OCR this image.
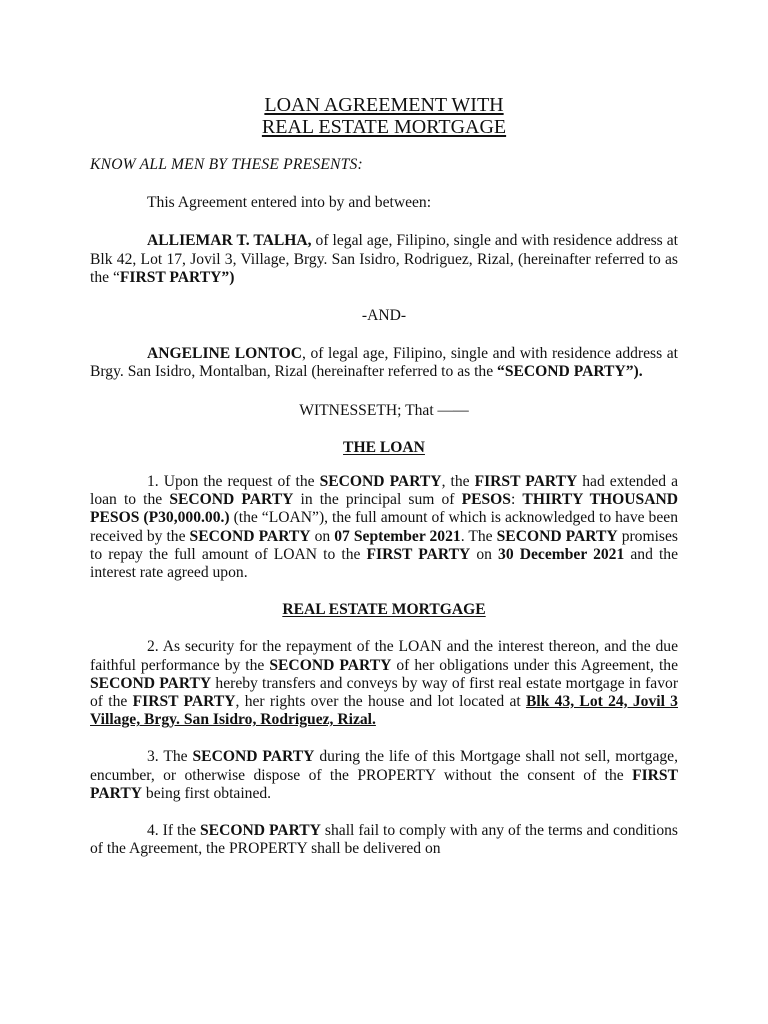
LOAN AGREEMENT WITH
REAL ESTATE MORTGAGE

KNOW ALL MEN BY THESE PRESENTS:
This Agreement entered into by and between:
ALLIEMAR T. TALHA, of legal age, Filipino, single and with residence address at Blk 42, Lot 17, Jovil 3, Village, Brgy. San Isidro, Rodriguez, Rizal, (hereinafter referred to as the “FIRST PARTY”)
-AND-
ANGELINE LONTOC, of legal age, Filipino, single and with residence address at Brgy. San Isidro, Montalban, Rizal (hereinafter referred to as the “SECOND PARTY”).
WITNESSETH; That ——
THE LOAN
1. Upon the request of the SECOND PARTY, the FIRST PARTY had extended a loan to the SECOND PARTY in the principal sum of PESOS: THIRTY THOUSAND PESOS (P30,000.00.) (the “LOAN”), the full amount of which is acknowledged to have been received by the SECOND PARTY on 07 September 2021. The SECOND PARTY promises to repay the full amount of LOAN to the FIRST PARTY on 30 December 2021 and the interest rate agreed upon.
REAL ESTATE MORTGAGE
2. As security for the repayment of the LOAN and the interest thereon, and the due faithful performance by the SECOND PARTY of her obligations under this Agreement, the SECOND PARTY hereby transfers and conveys by way of first real estate mortgage in favor of the FIRST PARTY, her rights over the house and lot located at Blk 43, Lot 24, Jovil 3 Village, Brgy. San Isidro, Rodriguez, Rizal.
3. The SECOND PARTY during the life of this Mortgage shall not sell, mortgage, encumber, or otherwise dispose of the PROPERTY without the consent of the FIRST PARTY being first obtained.
4. If the SECOND PARTY shall fail to comply with any of the terms and conditions of the Agreement, the PROPERTY shall be delivered on
